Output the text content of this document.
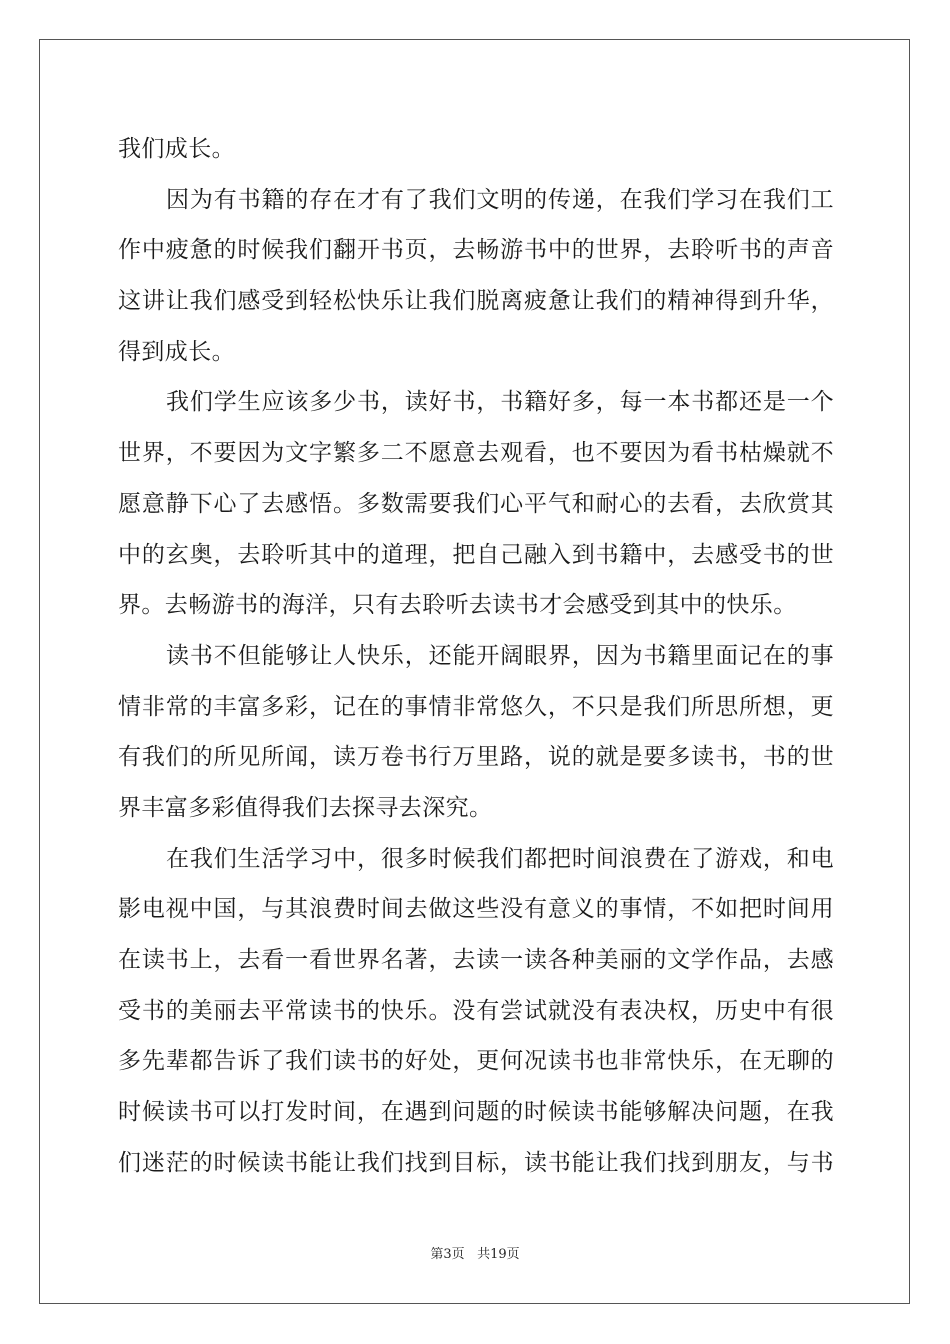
我们成长。
因为有书籍的存在才有了我们文明的传递，在我们学习在我们工
作中疲惫的时候我们翻开书页，去畅游书中的世界，去聆听书的声音
这讲让我们感受到轻松快乐让我们脱离疲惫让我们的精神得到升华，
得到成长。
我们学生应该多少书，读好书，书籍好多，每一本书都还是一个
世界，不要因为文字繁多二不愿意去观看，也不要因为看书枯燥就不
愿意静下心了去感悟。多数需要我们心平气和耐心的去看，去欣赏其
中的玄奥，去聆听其中的道理，把自己融入到书籍中，去感受书的世
界。去畅游书的海洋，只有去聆听去读书才会感受到其中的快乐。
读书不但能够让人快乐，还能开阔眼界，因为书籍里面记在的事
情非常的丰富多彩，记在的事情非常悠久，不只是我们所思所想，更
有我们的所见所闻，读万卷书行万里路，说的就是要多读书，书的世
界丰富多彩值得我们去探寻去深究。
在我们生活学习中，很多时候我们都把时间浪费在了游戏，和电
影电视中国，与其浪费时间去做这些没有意义的事情，不如把时间用
在读书上，去看一看世界名著，去读一读各种美丽的文学作品，去感
受书的美丽去平常读书的快乐。没有尝试就没有表决权，历史中有很
多先辈都告诉了我们读书的好处，更何况读书也非常快乐，在无聊的
时候读书可以打发时间，在遇到问题的时候读书能够解决问题，在我
们迷茫的时候读书能让我们找到目标，读书能让我们找到朋友，与书
第3页 共19页
